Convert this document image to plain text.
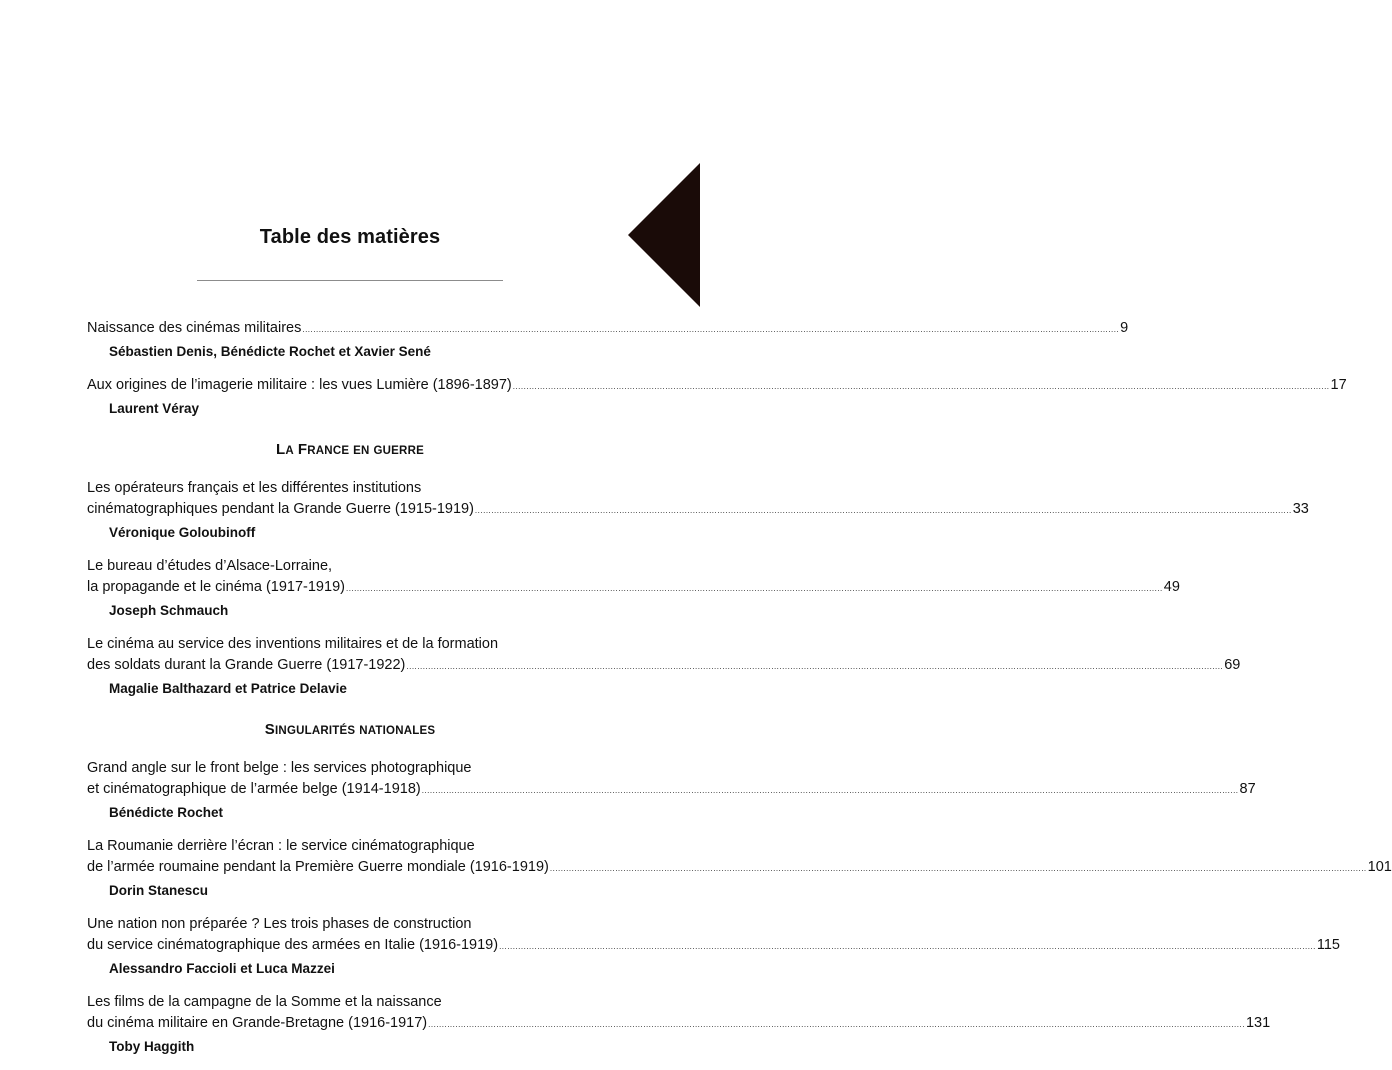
Table des matières
Naissance des cinémas militaires ............................................................................................................................................................................................................................................................................................................ 9
Sébastien Denis, Bénédicte Rochet et Xavier Sené
Aux origines de l’imagerie militaire : les vues Lumière (1896-1897) ............................................................................................................................................................................................................................................................................................................ 17
Laurent Véray
LA FRANCE EN GUERRE
Les opérateurs français et les différentes institutions
cinématographiques pendant la Grande Guerre (1915-1919) ............................................................................................................................................................................................................................................................................................................ 33
Véronique Goloubinoff
Le bureau d’études d’Alsace-Lorraine,
la propagande et le cinéma (1917-1919) ............................................................................................................................................................................................................................................................................................................ 49
Joseph Schmauch
Le cinéma au service des inventions militaires et de la formation
des soldats durant la Grande Guerre (1917-1922) ............................................................................................................................................................................................................................................................................................................ 69
Magalie Balthazard et Patrice Delavie
SINGULARITÉS NATIONALES
Grand angle sur le front belge : les services photographique
et cinématographique de l’armée belge (1914-1918) ............................................................................................................................................................................................................................................................................................................ 87
Bénédicte Rochet
La Roumanie derrière l’écran : le service cinématographique
de l’armée roumaine pendant la Première Guerre mondiale (1916-1919) ............................................................................................................................................................................................................................................................................................................ 101
Dorin Stanescu
Une nation non préparée ? Les trois phases de construction
du service cinématographique des armées en Italie (1916-1919) ............................................................................................................................................................................................................................................................................................................ 115
Alessandro Faccioli et Luca Mazzei
Les films de la campagne de la Somme et la naissance
du cinéma militaire en Grande-Bretagne (1916-1917) ............................................................................................................................................................................................................................................................................................................ 131
Toby Haggith
